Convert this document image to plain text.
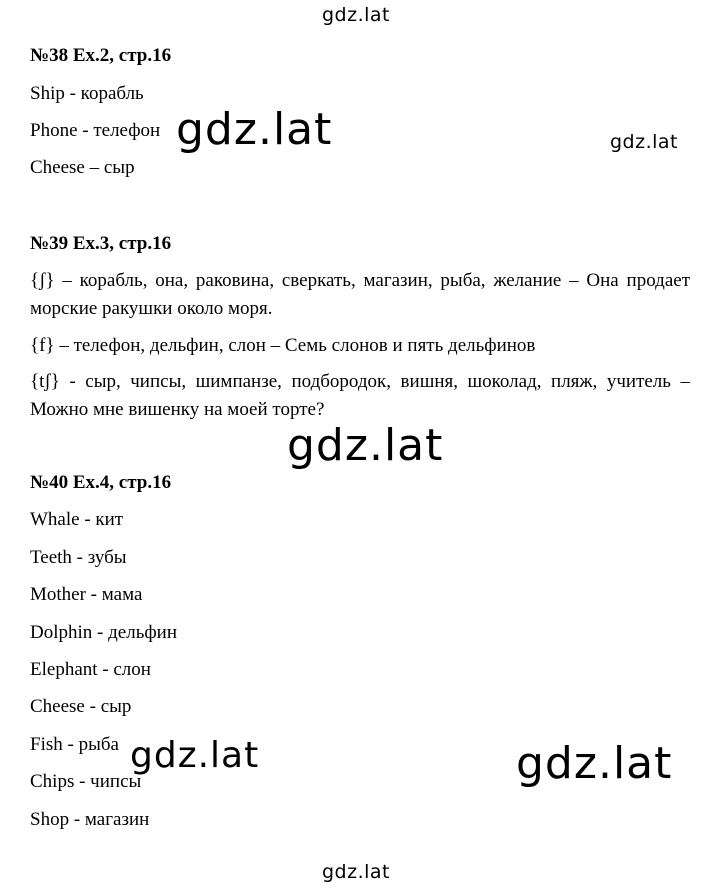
gdz.lat
gdz.lat	gdz.lat
gdz.lat
gdz.lat	gdz.lat
gdz.lat
№38 Ex.2, стр.16
Ship - корабль
Phone - телефон
Cheese – сыр
№39 Ex.3, стр.16
{ʃ} – корабль, она, раковина, сверкать, магазин, рыба, желание – Она продает морские ракушки около моря.
{f} – телефон, дельфин, слон – Семь слонов и пять дельфинов
{tʃ} - сыр, чипсы, шимпанзе, подбородок, вишня, шоколад, пляж, учитель – Можно мне вишенку на моей торте?
№40 Ex.4, стр.16
Whale - кит
Teeth - зубы
Mother - мама
Dolphin - дельфин
Elephant - слон
Cheese - сыр
Fish - рыба
Chips - чипсы
Shop - магазин
